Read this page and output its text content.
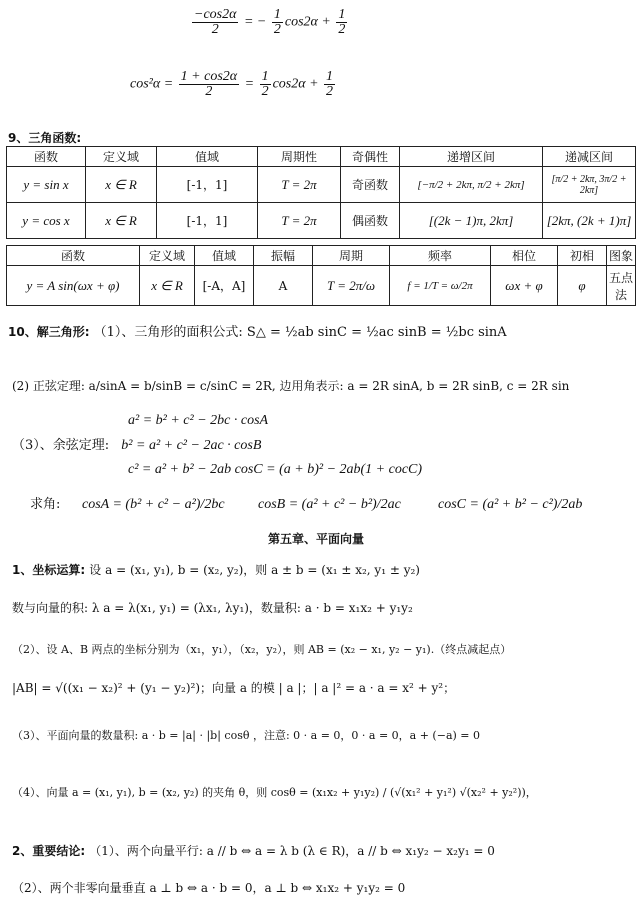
$\frac{-\cos 2\alpha}{2}$ = − $\frac{1}{2} \cos 2\alpha + \frac{1}{2}$
$\cos^2\alpha = \frac{1 + \cos 2\alpha}{2} = \frac{1}{2} \cos 2\alpha + \frac{1}{2}$
9、三角函数:
函数	定义域	值域	周期性	奇偶性	递增区间	递减区间
y = sin x	x ∈ R	[-1，1]	T = 2π	奇函数	[−π/2 + 2kπ, π/2 + 2kπ]	[π/2 + 2kπ, 3π/2 + 2kπ]
y = cos x	x ∈ R	[-1，1]	T = 2π	偶函数	[(2k − 1)π, 2kπ]	[2kπ, (2k + 1)π]
函数	定义域	值域	振幅	周期	频率	相位	初相	图象
y = A sin(ωx + φ)	x ∈ R	[-A，A]	A	T = 2π/ω	f = 1/T = ω/2π	ωx + φ	φ	五点法
10、解三角形: （1）、三角形的面积公式: S△ = ½ab sinC = ½ac sinB = ½bc sinA
(2) 正弦定理: a/sinA = b/sinB = c/sinC = 2R, 边用角表示: a = 2R sinA, b = 2R sinB, c = 2R sin
a² = b² + c² − 2bc · cosA
（3）、余弦定理: b² = a² + c² − 2ac · cosB
c² = a² + b² − 2ab cosC = (a + b)² − 2ab(1 + cocC)
求角: cosA = (b² + c² − a²)/2bc cosB = (a² + c² − b²)/2ac	cosC = (a² + b² − c²)/2ab
第五章、平面向量
1、坐标运算: 设 a = (x₁, y₁), b = (x₂, y₂)，则 a ± b = (x₁ ± x₂, y₁ ± y₂)
数与向量的积: λ a = λ(x₁, y₁) = (λx₁, λy₁)，数量积: a · b = x₁x₂ + y₁y₂
（2）、设 A、B 两点的坐标分别为（x₁，y₁），（x₂，y₂），则 AB = (x₂ − x₁, y₂ − y₁).（终点减起点）
|AB| = √((x₁ − x₂)² + (y₁ − y₂)²)；向量 a 的模 | a |；| a |² = a · a = x² + y²；
（3）、平面向量的数量积: a · b = |a| · |b| cosθ ，注意: 0 · a = 0，0 · a = 0，a + (−a) = 0
（4）、向量 a = (x₁, y₁), b = (x₂, y₂) 的夹角 θ，则 cosθ = (x₁x₂ + y₁y₂) / (√(x₁² + y₁²) √(x₂² + y₂²))，
2、重要结论: （1）、两个向量平行: a // b ⇔ a = λ b (λ ∈ R)，a // b ⇔ x₁y₂ − x₂y₁ = 0
（2）、两个非零向量垂直 a ⊥ b ⇔ a · b = 0，a ⊥ b ⇔ x₁x₂ + y₁y₂ = 0
